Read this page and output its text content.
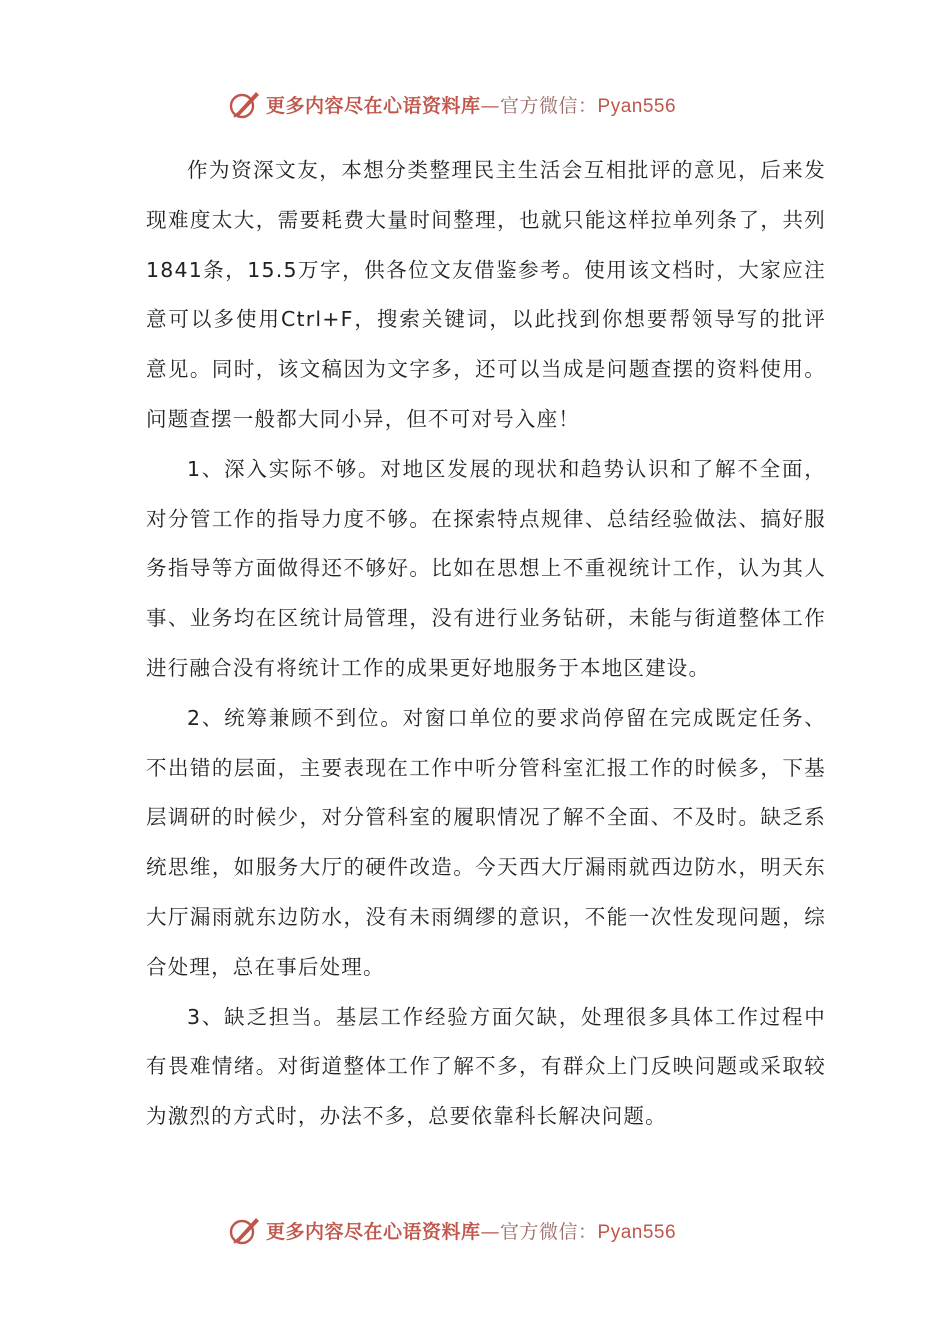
更多内容尽在心语资料库—官方微信：Pyan556

作为资深文友，本想分类整理民主生活会互相批评的意见，后来发现难度太大，需要耗费大量时间整理，也就只能这样拉单列条了，共列1841条，15.5万字，供各位文友借鉴参考。使用该文档时，大家应注意可以多使用Ctrl+F，搜索关键词，以此找到你想要帮领导写的批评意见。同时，该文稿因为文字多，还可以当成是问题查摆的资料使用。问题查摆一般都大同小异，但不可对号入座！

1、深入实际不够。对地区发展的现状和趋势认识和了解不全面，对分管工作的指导力度不够。在探索特点规律、总结经验做法、搞好服务指导等方面做得还不够好。比如在思想上不重视统计工作，认为其人事、业务均在区统计局管理，没有进行业务钻研，未能与街道整体工作进行融合没有将统计工作的成果更好地服务于本地区建设。

2、统筹兼顾不到位。对窗口单位的要求尚停留在完成既定任务、不出错的层面，主要表现在工作中听分管科室汇报工作的时候多，下基层调研的时候少，对分管科室的履职情况了解不全面、不及时。缺乏系统思维，如服务大厅的硬件改造。今天西大厅漏雨就西边防水，明天东大厅漏雨就东边防水，没有未雨绸缪的意识，不能一次性发现问题，综合处理，总在事后处理。

3、缺乏担当。基层工作经验方面欠缺，处理很多具体工作过程中有畏难情绪。对街道整体工作了解不多，有群众上门反映问题或采取较为激烈的方式时，办法不多，总要依靠科长解决问题。

更多内容尽在心语资料库—官方微信：Pyan556
